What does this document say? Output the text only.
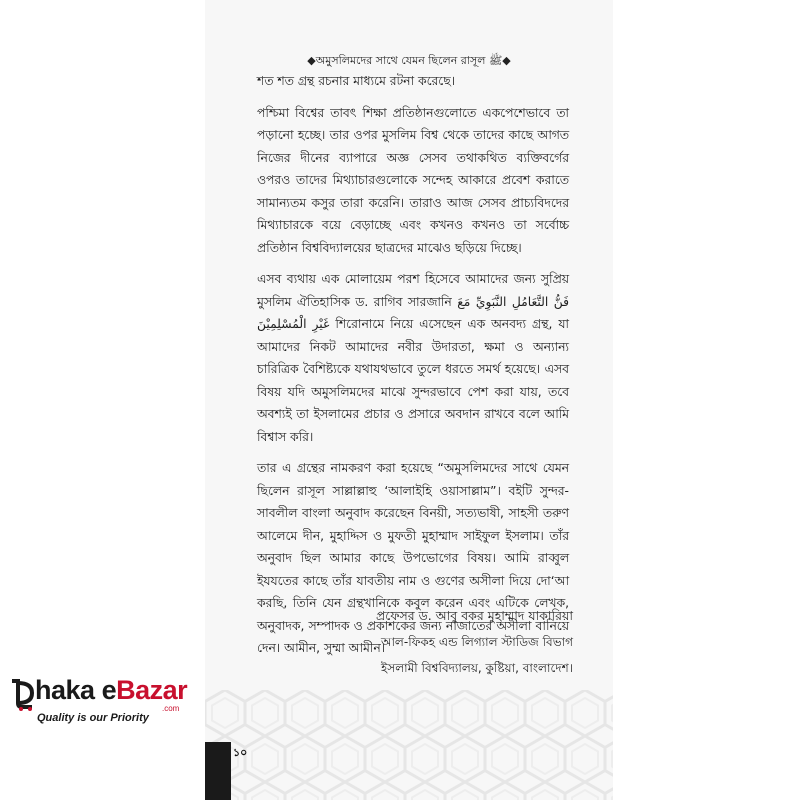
◆অমুসলিমদের সাথে যেমন ছিলেন রাসূল ﷺ◆

শত শত গ্রন্থ রচনার মাধ্যমে রটনা করেছে।

পশ্চিমা বিশ্বের তাবৎ শিক্ষা প্রতিষ্ঠানগুলোতে একপেশেভাবে তা পড়ানো হচ্ছে। তার ওপর মুসলিম বিশ্ব থেকে তাদের কাছে আগত নিজের দীনের ব্যাপারে অজ্ঞ সেসব তথাকথিত ব্যক্তিবর্গের ওপরও তাদের মিথ্যাচারগুলোকে সন্দেহ আকারে প্রবেশ করাতে সামান্যতম কসুর তারা করেনি। তারাও আজ সেসব প্রাচ্যবিদদের মিথ্যাচারকে বয়ে বেড়াচ্ছে এবং কখনও কখনও তা সর্বোচ্চ প্রতিষ্ঠান বিশ্ববিদ্যালয়ের ছাত্রদের মাঝেও ছড়িয়ে দিচ্ছে।

এসব ব্যথায় এক মোলায়েম পরশ হিসেবে আমাদের জন্য সুপ্রিয় মুসলিম ঐতিহাসিক ড. রাগিব সারজানি فَنُّ التَّعَامُلِ النَّبَوِيِّ مَعَ غَيْرِ الْمُسْلِمِيْنَ শিরোনামে নিয়ে এসেছেন এক অনবদ্য গ্রন্থ, যা আমাদের নিকট আমাদের নবীর উদারতা, ক্ষমা ও অন্যান্য চারিত্রিক বৈশিষ্ট্যকে যথাযথভাবে তুলে ধরতে সমর্থ হয়েছে। এসব বিষয় যদি অমুসলিমদের মাঝে সুন্দরভাবে পেশ করা যায়, তবে অবশ্যই তা ইসলামের প্রচার ও প্রসারে অবদান রাখবে বলে আমি বিশ্বাস করি।

তার এ গ্রন্থের নামকরণ করা হয়েছে “অমুসলিমদের সাথে যেমন ছিলেন রাসূল সাল্লাল্লাহু ‘আলাইহি ওয়াসাল্লাম”। বইটি সুন্দর-সাবলীল বাংলা অনুবাদ করেছেন বিনয়ী, সত্যভাষী, সাহসী তরুণ আলেমে দীন, মুহাদ্দিস ও মুফতী মুহাম্মাদ সাইফুল ইসলাম। তাঁর অনুবাদ ছিল আমার কাছে উপভোগের বিষয়। আমি রাব্বুল ইযযতের কাছে তাঁর যাবতীয় নাম ও গুণের অসীলা দিয়ে দো‘আ করছি, তিনি যেন গ্রন্থখানিকে কবুল করেন এবং এটিকে লেখক, অনুবাদক, সম্পাদক ও প্রকাশকের জন্য নাজাতের অসীলা বানিয়ে দেন। আমীন, সুম্মা আমীন।

প্রফেসর ড. আবু বকর মুহাম্মাদ যাকারিয়া
আল-ফিকহ এন্ড লিগ্যাল স্টাডিজ বিভাগ
ইসলামী বিশ্ববিদ্যালয়, কুষ্টিয়া, বাংলাদেশ।
১০
haka eBazar
.com
Quality is our Priority
